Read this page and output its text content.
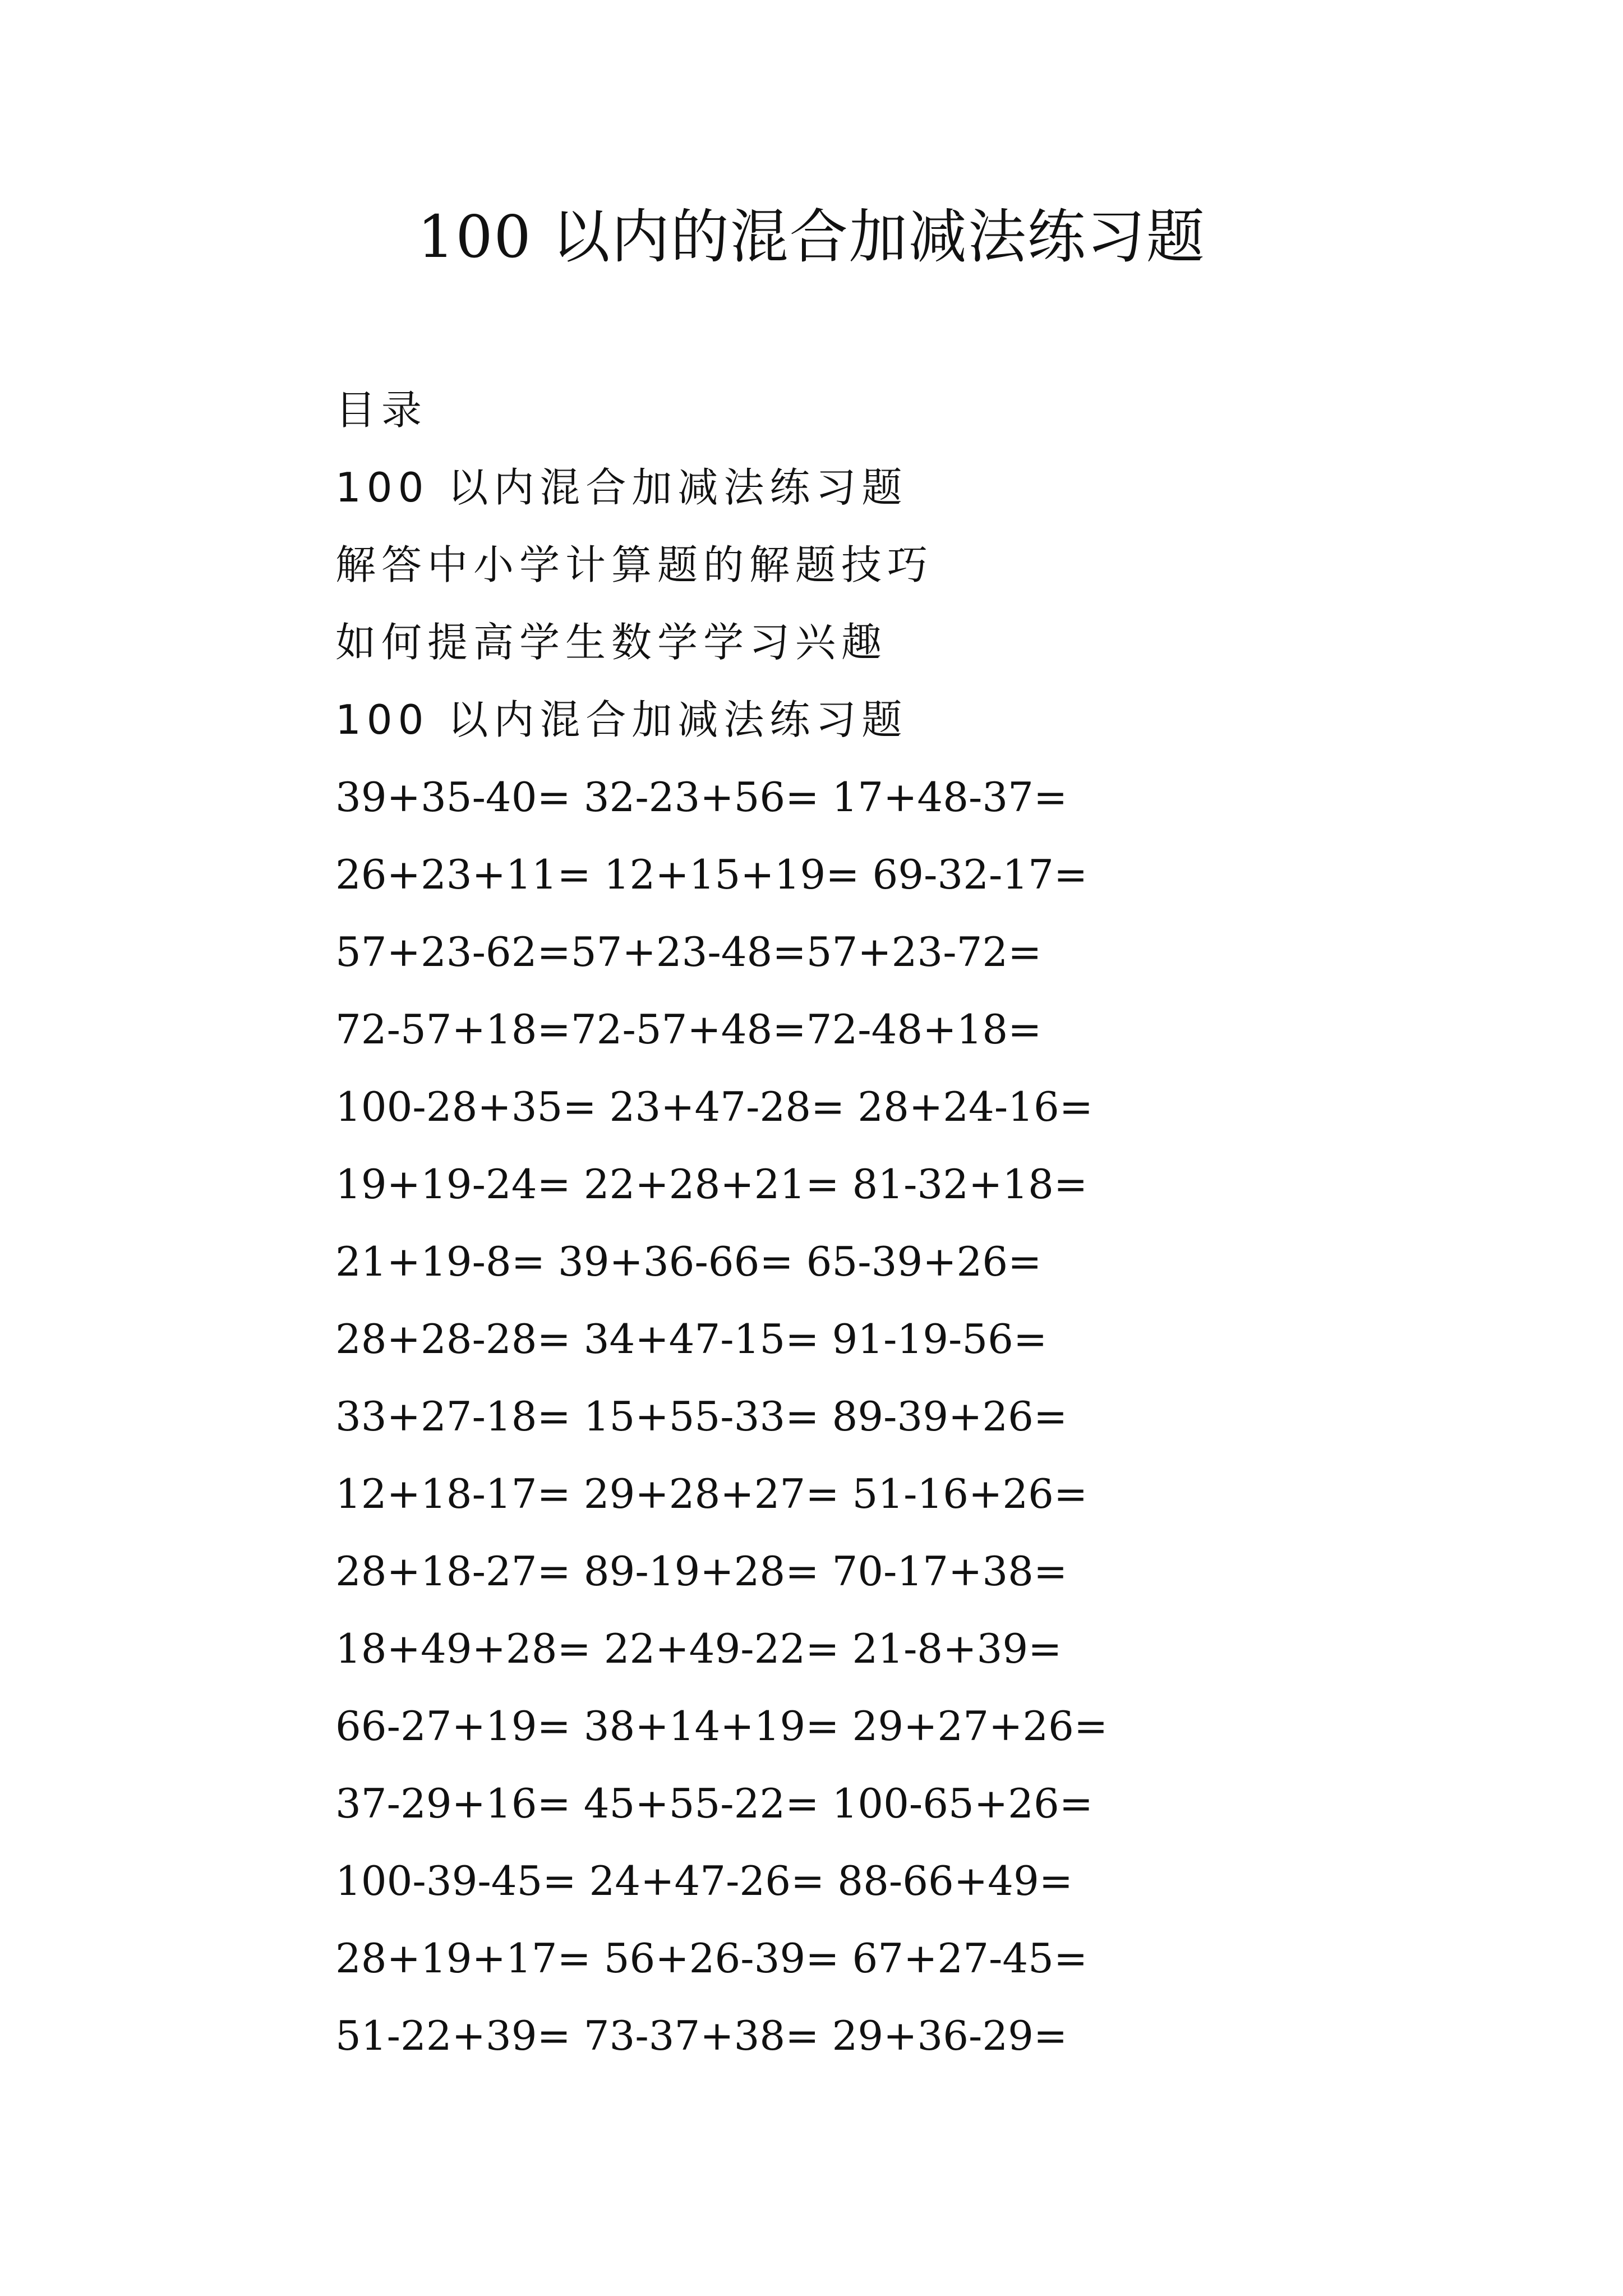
100 以内的混合加减法练习题
目录
100 以内混合加减法练习题
解答中小学计算题的解题技巧
如何提高学生数学学习兴趣
100 以内混合加减法练习题
39+35-40= 32-23+56= 17+48-37=
26+23+11= 12+15+19= 69-32-17=
57+23-62=57+23-48=57+23-72=
72-57+18=72-57+48=72-48+18=
100-28+35= 23+47-28= 28+24-16=
19+19-24= 22+28+21= 81-32+18=
21+19-8= 39+36-66= 65-39+26=
28+28-28= 34+47-15= 91-19-56=
33+27-18= 15+55-33= 89-39+26=
12+18-17= 29+28+27= 51-16+26=
28+18-27= 89-19+28= 70-17+38=
18+49+28= 22+49-22= 21-8+39=
66-27+19= 38+14+19= 29+27+26=
37-29+16= 45+55-22= 100-65+26=
100-39-45= 24+47-26= 88-66+49=
28+19+17= 56+26-39= 67+27-45=
51-22+39= 73-37+38= 29+36-29=
